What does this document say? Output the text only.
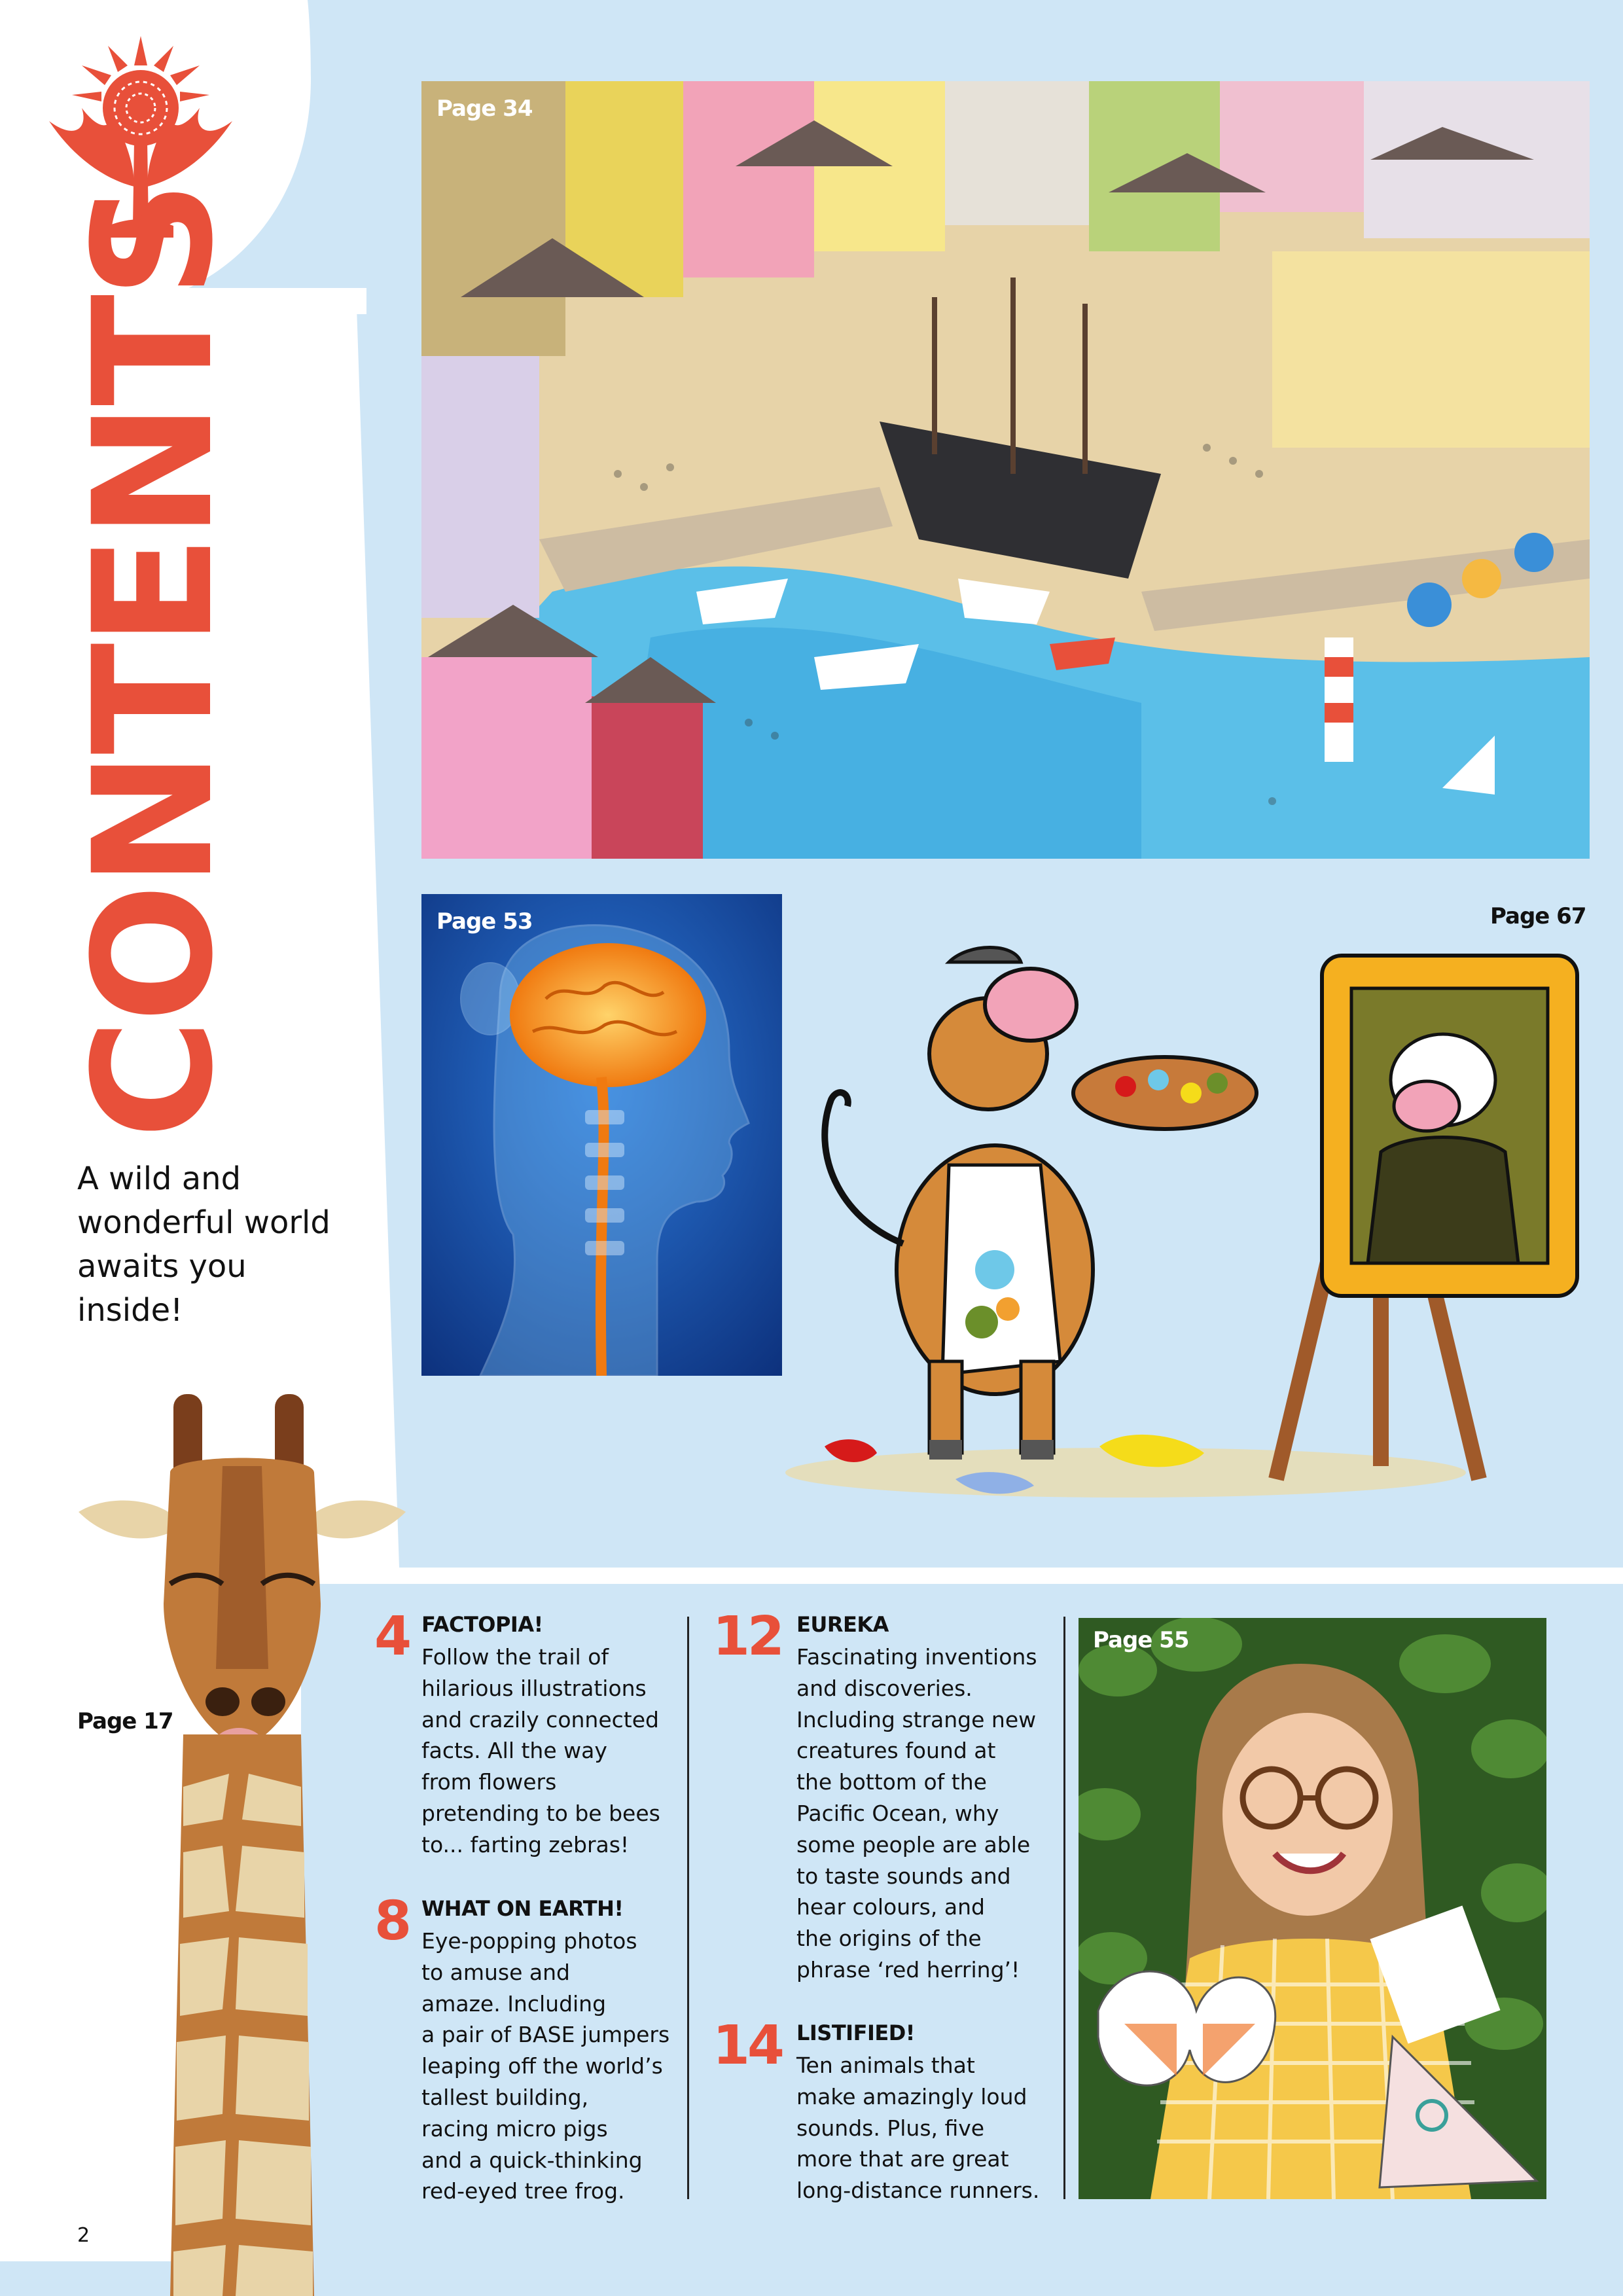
CONTENTS
A wild and wonderful world awaits you inside!
Page 34
Page 53	Page 67
Page 17
4 FACTOPIA!
Follow the trail of
hilarious illustrations
and crazily connected
facts. All the way
from flowers
pretending to be bees
to... farting zebras!
8 WHAT ON EARTH!
Eye-popping photos
to amuse and
amaze. Including
a pair of BASE jumpers
leaping off the world’s
tallest building,
racing micro pigs
and a quick-thinking
red-eyed tree frog.
12 EUREKA
Fascinating inventions
and discoveries.
Including strange new
creatures found at
the bottom of the
Pacific Ocean, why
some people are able
to taste sounds and
hear colours, and
the origins of the
phrase ‘red herring’!
14 LISTIFIED!
Ten animals that
make amazingly loud
sounds. Plus, five
more that are great
long-distance runners.
Page 55
2
